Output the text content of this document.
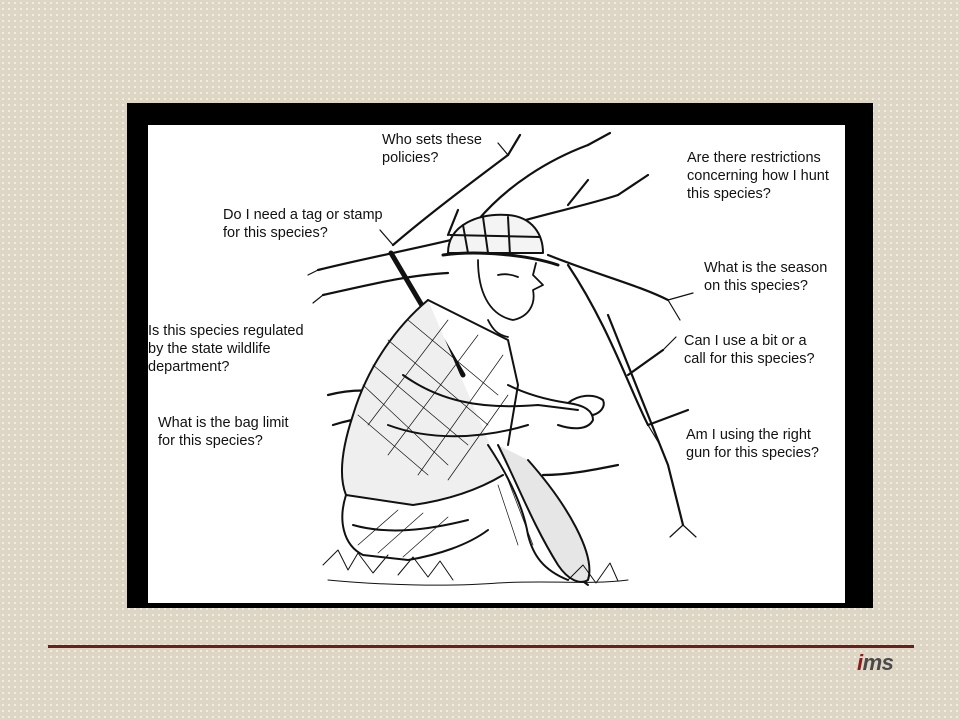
Who sets these
policies?	Are there restrictions
concerning how I hunt
this species?

Do I need a tag or stamp
for this species?

What is the season
on this species?

Is this species regulated
by the state wildlife
department?

Can I use a bit or a
call for this species?

What is the bag limit
for this species?	Am I using the right
gun for this species?

ims
